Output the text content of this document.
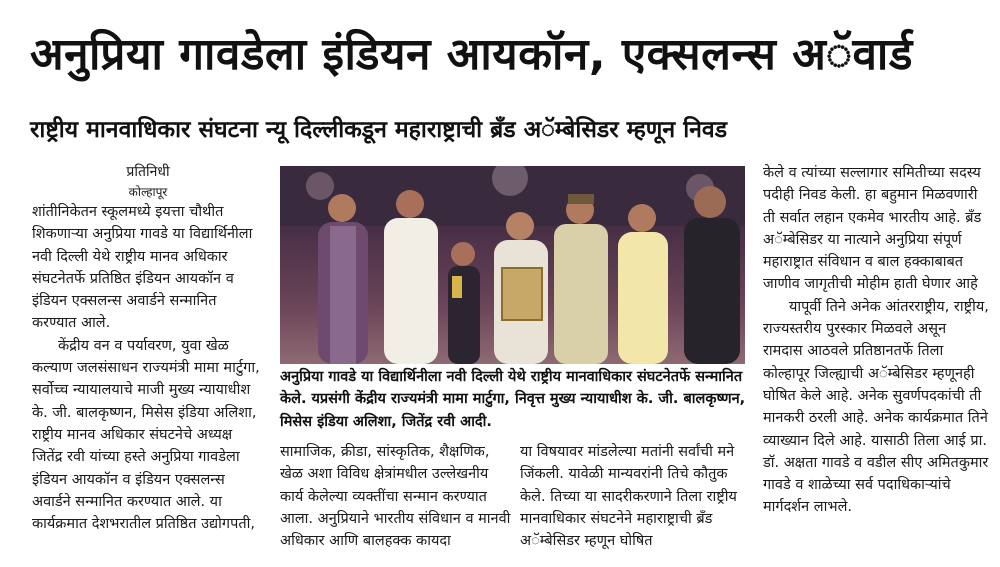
अनुप्रिया गावडेला इंडियन आयकॉन, एक्सलन्स अॅवार्ड
राष्ट्रीय मानवाधिकार संघटना न्यू दिल्लीकडून महाराष्ट्राची ब्रँड अॅम्बेसिडर म्हणून निवड

प्रतिनिधी

कोल्हापूर

शांतीनिकेतन स्कूलमध्ये इयत्ता चौथीत शिकणाऱ्या अनुप्रिया गावडे या विद्यार्थिनीला नवी दिल्ली येथे राष्ट्रीय मानव अधिकार संघटनेतर्फे प्रतिष्ठित इंडियन आयकॉन व इंडियन एक्सलन्स अवार्डने सन्मानित करण्यात आले.

केंद्रीय वन व पर्यावरण, युवा खेळ कल्याण जलसंसाधन राज्यमंत्री मामा मार्टुगा, सर्वोच्च न्यायालयाचे माजी मुख्य न्यायाधीश के. जी. बालकृष्णन, मिसेस इंडिया अलिशा, राष्ट्रीय मानव अधिकार संघटनेचे अध्यक्ष जितेंद्र रवी यांच्या हस्ते अनुप्रिया गावडेला इंडियन आयकॉन व इंडियन एक्सलन्स अवार्डने सन्मानित करण्यात आले. या कार्यक्रमात देशभरातील प्रतिष्ठित उद्योगपती,

अनुप्रिया गावडे या विद्यार्थिनीला नवी दिल्ली येथे राष्ट्रीय मानवाधिकार संघटनेतर्फे सन्मानित केले. यप्रसंगी केंद्रीय राज्यमंत्री मामा मार्टुगा, निवृत्त मुख्य न्यायाधीश के. जी. बालकृष्णन, मिसेस इंडिया अलिशा, जितेंद्र रवी आदी.

सामाजिक, क्रीडा, सांस्कृतिक, शैक्षणिक, खेळ अशा विविध क्षेत्रांमधील उल्लेखनीय कार्य केलेल्या व्यक्तींचा सन्मान करण्यात आला. अनुप्रियाने भारतीय संविधान व मानवी अधिकार आणि बालहक्क कायदा

या विषयावर मांडलेल्या मतांनी सर्वांची मने जिंकली. यावेळी मान्यवरांनी तिचे कौतुक केले. तिच्या या सादरीकरणाने तिला राष्ट्रीय मानवाधिकार संघटनेने महाराष्ट्राची ब्रँड अॅम्बेसिडर म्हणून घोषित

केले व त्यांच्या सल्लागार समितीच्या सदस्य पदीही निवड केली. हा बहुमान मिळवणारी ती सर्वात लहान एकमेव भारतीय आहे. ब्रँड अॅम्बेसिडर या नात्याने अनुप्रिया संपूर्ण महाराष्ट्रात संविधान व बाल हक्काबाबत जाणीव जागृतीची मोहीम हाती घेणार आहे

यापूर्वी तिने अनेक आंतरराष्ट्रीय, राष्ट्रीय, राज्यस्तरीय पुरस्कार मिळवले असून रामदास आठवले प्रतिष्ठानतर्फे तिला कोल्हापूर जिल्ह्याची अॅम्बेसिडर म्हणूनही घोषित केले आहे. अनेक सुवर्णपदकांची ती मानकरी ठरली आहे. अनेक कार्यक्रमात तिने व्याख्यान दिले आहे. यासाठी तिला आई प्रा. डॉ. अक्षता गावडे व वडील सीए अमितकुमार गावडे व शाळेच्या सर्व पदाधिकाऱ्यांचे मार्गदर्शन लाभले.
